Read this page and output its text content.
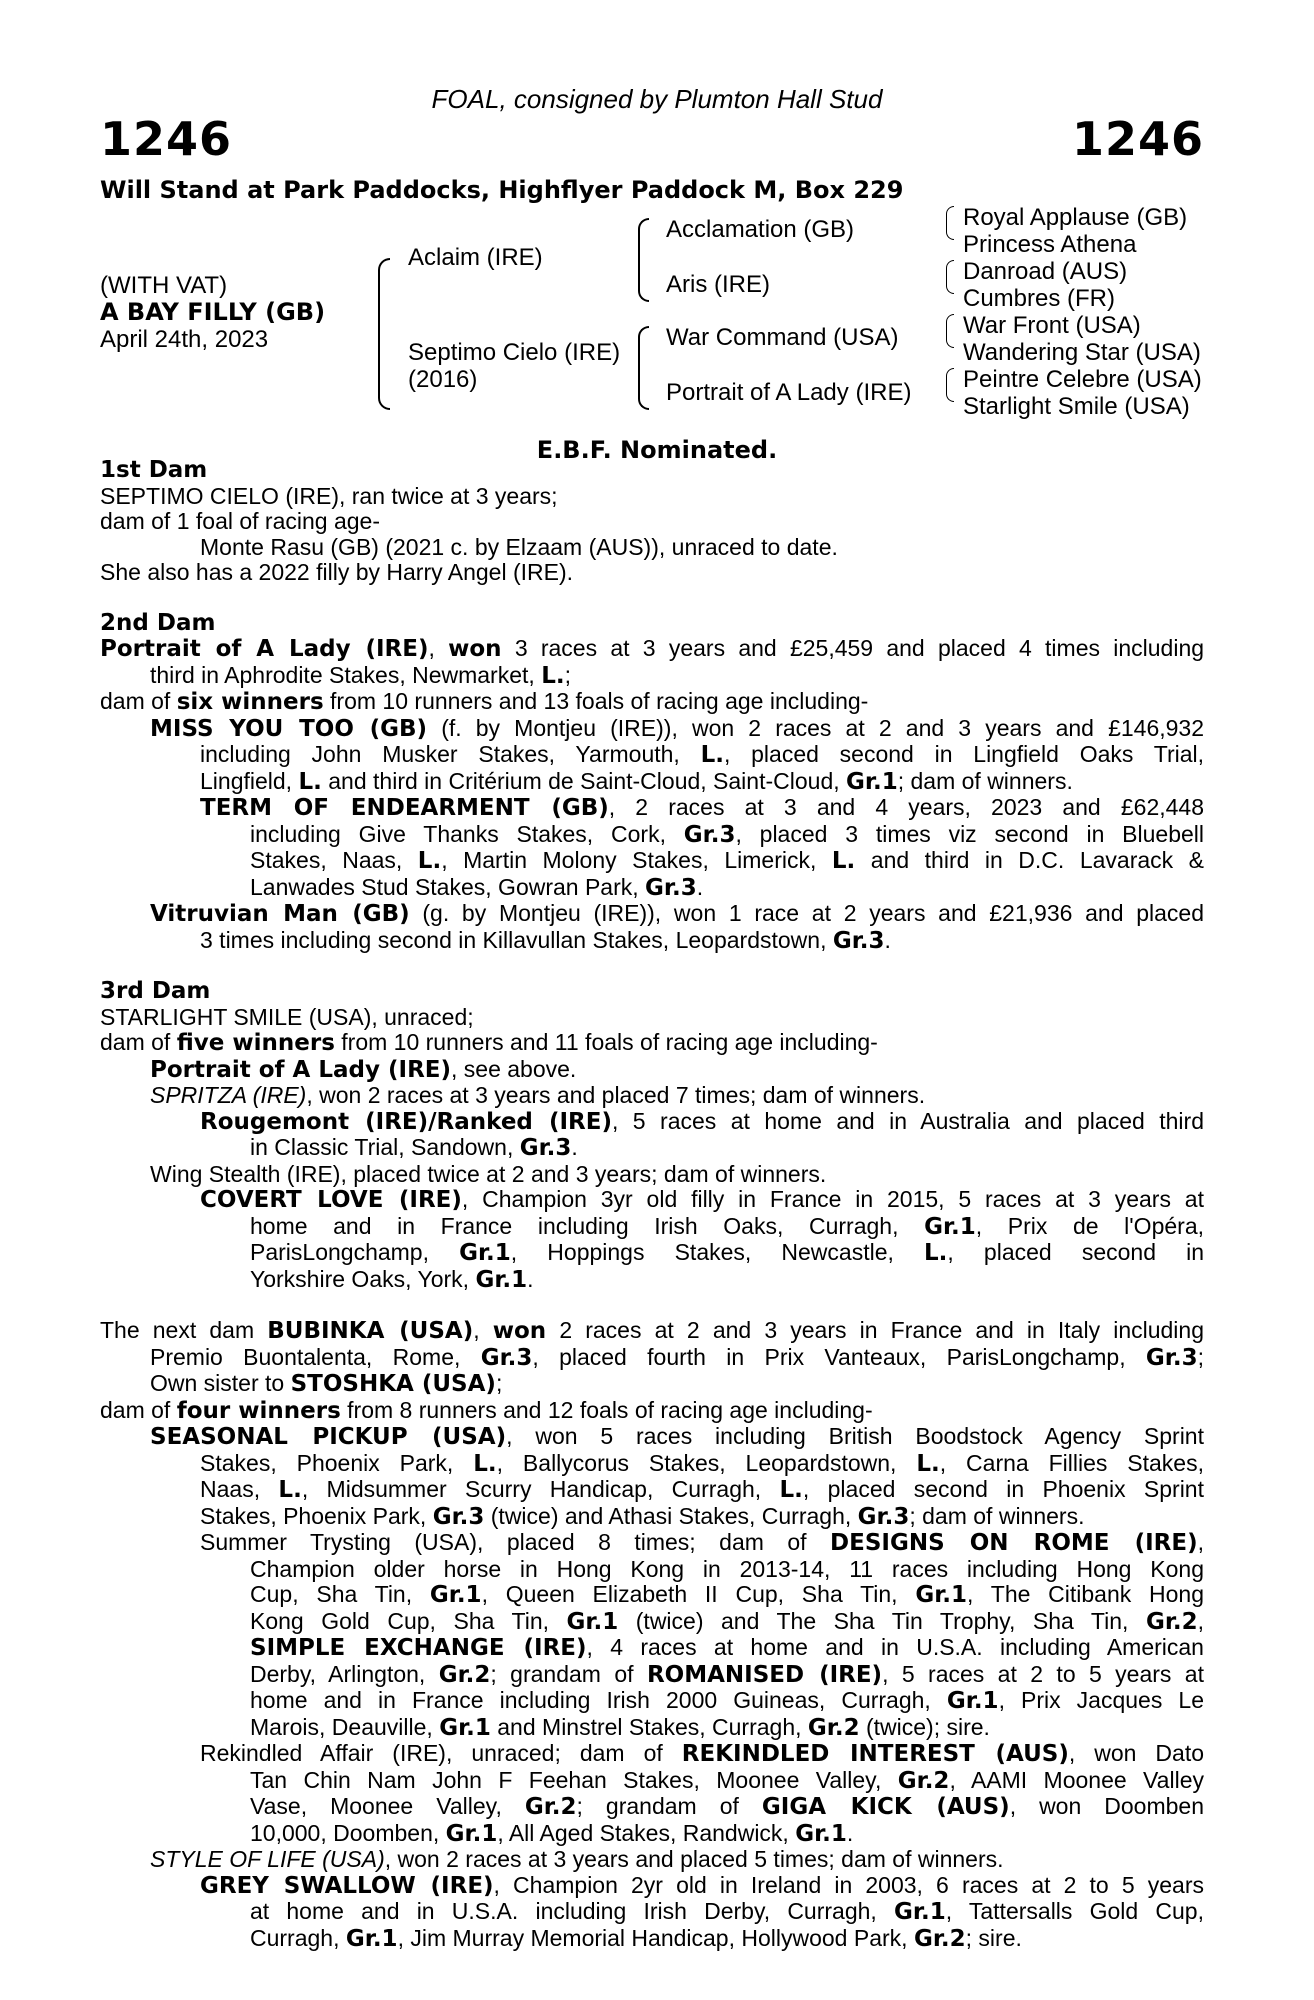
FOAL, consigned by Plumton Hall Stud
1246	1246
Will Stand at Park Paddocks, Highflyer Paddock M, Box 229
(WITH VAT)
A BAY FILLY (GB)
April 24th, 2023
Aclaim (IRE)
Septimo Cielo (IRE)
(2016)
Acclamation (GB)
Aris (IRE)
War Command (USA)
Portrait of A Lady (IRE)
Royal Applause (GB)
Princess Athena
Danroad (AUS)
Cumbres (FR)
War Front (USA)
Wandering Star (USA)
Peintre Celebre (USA)
Starlight Smile (USA)
E.B.F. Nominated.
1st Dam
SEPTIMO CIELO (IRE), ran twice at 3 years;
dam of 1 foal of racing age-
Monte Rasu (GB) (2021 c. by Elzaam (AUS)), unraced to date.
She also has a 2022 filly by Harry Angel (IRE).
2nd Dam
Portrait of A Lady (IRE), won 3 races at 3 years and £25,459 and placed 4 times including
third in Aphrodite Stakes, Newmarket, L.;
dam of six winners from 10 runners and 13 foals of racing age including-
MISS YOU TOO (GB) (f. by Montjeu (IRE)), won 2 races at 2 and 3 years and £146,932
including John Musker Stakes, Yarmouth, L., placed second in Lingfield Oaks Trial,
Lingfield, L. and third in Critérium de Saint-Cloud, Saint-Cloud, Gr.1; dam of winners.
TERM OF ENDEARMENT (GB), 2 races at 3 and 4 years, 2023 and £62,448
including Give Thanks Stakes, Cork, Gr.3, placed 3 times viz second in Bluebell
Stakes, Naas, L., Martin Molony Stakes, Limerick, L. and third in D.C. Lavarack &
Lanwades Stud Stakes, Gowran Park, Gr.3.
Vitruvian Man (GB) (g. by Montjeu (IRE)), won 1 race at 2 years and £21,936 and placed
3 times including second in Killavullan Stakes, Leopardstown, Gr.3.
3rd Dam
STARLIGHT SMILE (USA), unraced;
dam of five winners from 10 runners and 11 foals of racing age including-
Portrait of A Lady (IRE), see above.
SPRITZA (IRE), won 2 races at 3 years and placed 7 times; dam of winners.
Rougemont (IRE)/Ranked (IRE), 5 races at home and in Australia and placed third
in Classic Trial, Sandown, Gr.3.
Wing Stealth (IRE), placed twice at 2 and 3 years; dam of winners.
COVERT LOVE (IRE), Champion 3yr old filly in France in 2015, 5 races at 3 years at
home and in France including Irish Oaks, Curragh, Gr.1, Prix de l'Opéra,
ParisLongchamp, Gr.1, Hoppings Stakes, Newcastle, L., placed second in
Yorkshire Oaks, York, Gr.1.
The next dam BUBINKA (USA), won 2 races at 2 and 3 years in France and in Italy including
Premio Buontalenta, Rome, Gr.3, placed fourth in Prix Vanteaux, ParisLongchamp, Gr.3;
Own sister to STOSHKA (USA);
dam of four winners from 8 runners and 12 foals of racing age including-
SEASONAL PICKUP (USA), won 5 races including British Boodstock Agency Sprint
Stakes, Phoenix Park, L., Ballycorus Stakes, Leopardstown, L., Carna Fillies Stakes,
Naas, L., Midsummer Scurry Handicap, Curragh, L., placed second in Phoenix Sprint
Stakes, Phoenix Park, Gr.3 (twice) and Athasi Stakes, Curragh, Gr.3; dam of winners.
Summer Trysting (USA), placed 8 times; dam of DESIGNS ON ROME (IRE),
Champion older horse in Hong Kong in 2013-14, 11 races including Hong Kong
Cup, Sha Tin, Gr.1, Queen Elizabeth II Cup, Sha Tin, Gr.1, The Citibank Hong
Kong Gold Cup, Sha Tin, Gr.1 (twice) and The Sha Tin Trophy, Sha Tin, Gr.2,
SIMPLE EXCHANGE (IRE), 4 races at home and in U.S.A. including American
Derby, Arlington, Gr.2; grandam of ROMANISED (IRE), 5 races at 2 to 5 years at
home and in France including Irish 2000 Guineas, Curragh, Gr.1, Prix Jacques Le
Marois, Deauville, Gr.1 and Minstrel Stakes, Curragh, Gr.2 (twice); sire.
Rekindled Affair (IRE), unraced; dam of REKINDLED INTEREST (AUS), won Dato
Tan Chin Nam John F Feehan Stakes, Moonee Valley, Gr.2, AAMI Moonee Valley
Vase, Moonee Valley, Gr.2; grandam of GIGA KICK (AUS), won Doomben
10,000, Doomben, Gr.1, All Aged Stakes, Randwick, Gr.1.
STYLE OF LIFE (USA), won 2 races at 3 years and placed 5 times; dam of winners.
GREY SWALLOW (IRE), Champion 2yr old in Ireland in 2003, 6 races at 2 to 5 years
at home and in U.S.A. including Irish Derby, Curragh, Gr.1, Tattersalls Gold Cup,
Curragh, Gr.1, Jim Murray Memorial Handicap, Hollywood Park, Gr.2; sire.
